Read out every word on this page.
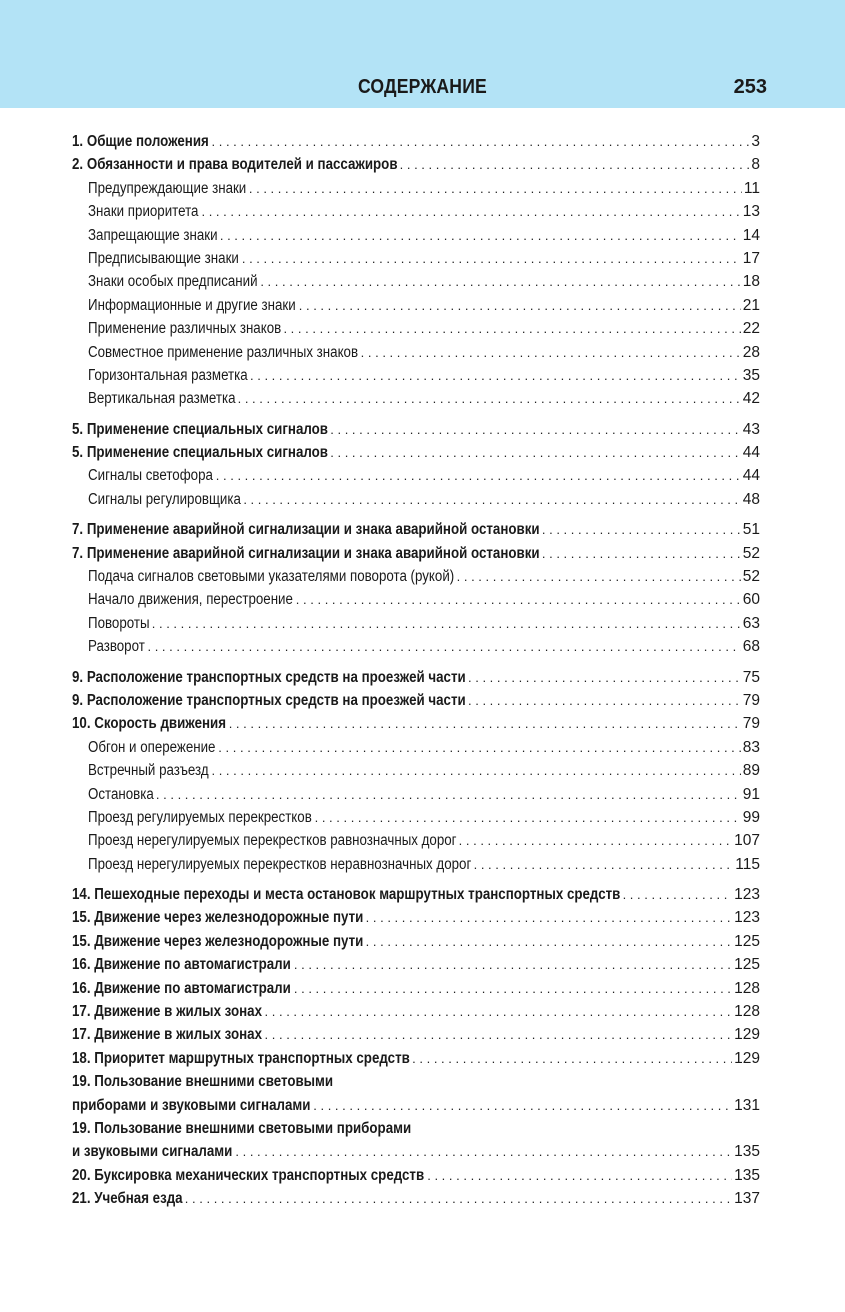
СОДЕРЖАНИЕ	253
1. Общие положения . . .	3
2. Обязанности и права водителей и пассажиров . . .	8
Предупреждающие знаки . . .	11
Знаки приоритета . . .	13
Запрещающие знаки . . .	14
Предписывающие знаки . . .	17
Знаки особых предписаний . . .	18
Информационные и другие знаки . . .	21
Применение различных знаков . . .	22
Совместное применение различных знаков . . .	28
Горизонтальная разметка . . .	35
Вертикальная разметка . . .	42
5. Применение специальных сигналов . . .	43
5. Применение специальных сигналов . . .	44
Сигналы светофора . . .	44
Сигналы регулировщика . . .	48
7. Применение аварийной сигнализации и знака аварийной остановки . . .	51
7. Применение аварийной сигнализации и знака аварийной остановки . . .	52
Подача сигналов световыми указателями поворота (рукой) . . .	52
Начало движения, перестроение . . .	60
Повороты . . .	63
Разворот . . .	68
9. Расположение транспортных средств на проезжей части . . .	75
9. Расположение транспортных средств на проезжей части . . .	79
10. Скорость движения . . .	79
Обгон и опережение . . .	83
Встречный разъезд . . .	89
Остановка . . .	91
Проезд регулируемых перекрестков . . .	99
Проезд нерегулируемых перекрестков равнозначных дорог . . .	107
Проезд нерегулируемых перекрестков неравнозначных дорог . . .	115
14. Пешеходные переходы и места остановок маршрутных транспортных средств . . .	123
15. Движение через железнодорожные пути . . .	123
15. Движение через железнодорожные пути . . .	125
16. Движение по автомагистрали . . .	125
16. Движение по автомагистрали . . .	128
17. Движение в жилых зонах . . .	128
17. Движение в жилых зонах . . .	129
18. Приоритет маршрутных транспортных средств . . .	129
19. Пользование внешними световыми
приборами и звуковыми сигналами . . .	131
19. Пользование внешними световыми приборами
и звуковыми сигналами . . .	135
20. Буксировка механических транспортных средств . . .	135
21. Учебная езда . . .	137
